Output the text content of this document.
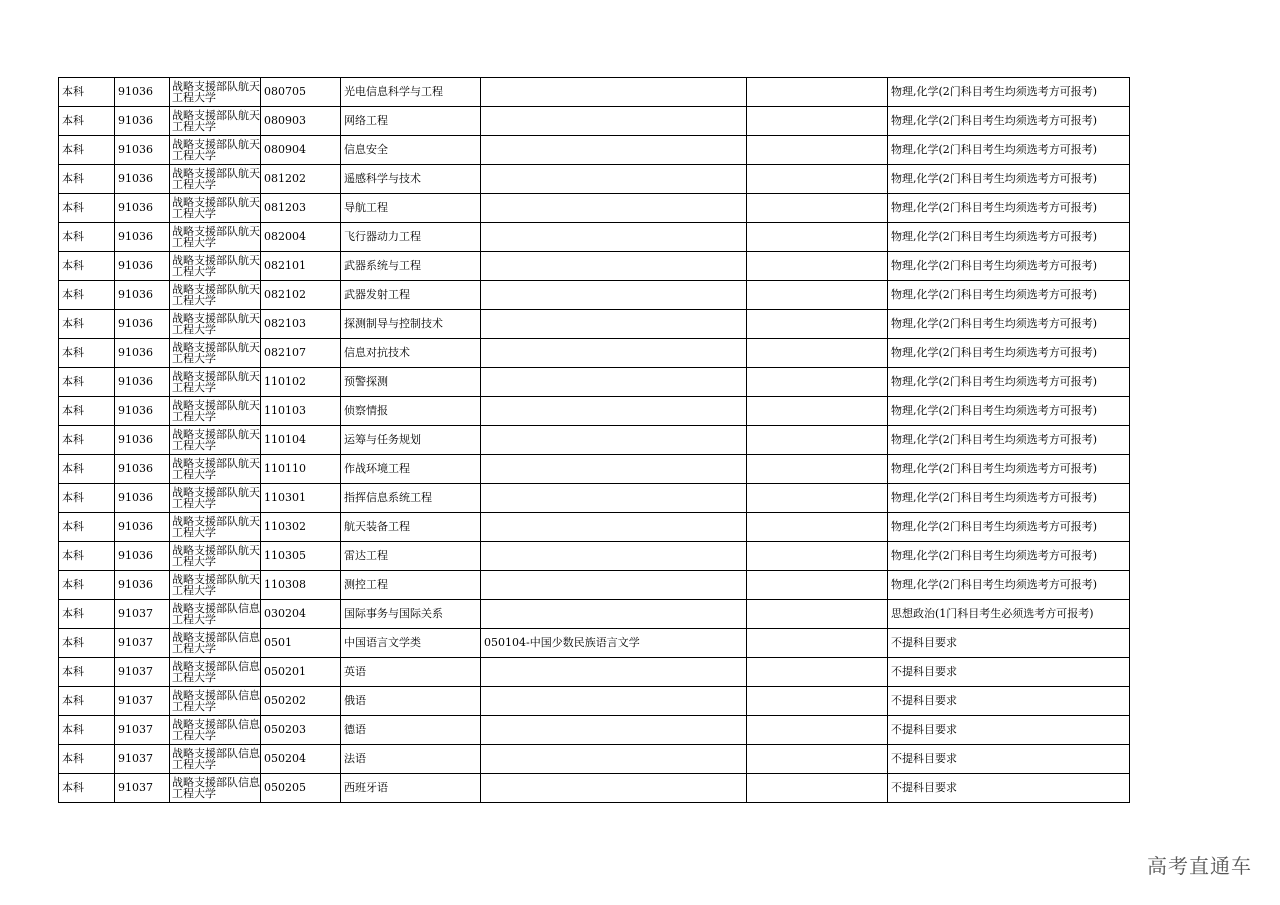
本科	91036	战略支援部队航天工程大学	080705	光电信息科学与工程			物理,化学(2门科目考生均须选考方可报考)
本科	91036	战略支援部队航天工程大学	080903	网络工程			物理,化学(2门科目考生均须选考方可报考)
本科	91036	战略支援部队航天工程大学	080904	信息安全			物理,化学(2门科目考生均须选考方可报考)
本科	91036	战略支援部队航天工程大学	081202	遥感科学与技术			物理,化学(2门科目考生均须选考方可报考)
本科	91036	战略支援部队航天工程大学	081203	导航工程			物理,化学(2门科目考生均须选考方可报考)
本科	91036	战略支援部队航天工程大学	082004	飞行器动力工程			物理,化学(2门科目考生均须选考方可报考)
本科	91036	战略支援部队航天工程大学	082101	武器系统与工程			物理,化学(2门科目考生均须选考方可报考)
本科	91036	战略支援部队航天工程大学	082102	武器发射工程			物理,化学(2门科目考生均须选考方可报考)
本科	91036	战略支援部队航天工程大学	082103	探测制导与控制技术			物理,化学(2门科目考生均须选考方可报考)
本科	91036	战略支援部队航天工程大学	082107	信息对抗技术			物理,化学(2门科目考生均须选考方可报考)
本科	91036	战略支援部队航天工程大学	110102	预警探测			物理,化学(2门科目考生均须选考方可报考)
本科	91036	战略支援部队航天工程大学	110103	侦察情报			物理,化学(2门科目考生均须选考方可报考)
本科	91036	战略支援部队航天工程大学	110104	运筹与任务规划			物理,化学(2门科目考生均须选考方可报考)
本科	91036	战略支援部队航天工程大学	110110	作战环境工程			物理,化学(2门科目考生均须选考方可报考)
本科	91036	战略支援部队航天工程大学	110301	指挥信息系统工程			物理,化学(2门科目考生均须选考方可报考)
本科	91036	战略支援部队航天工程大学	110302	航天装备工程			物理,化学(2门科目考生均须选考方可报考)
本科	91036	战略支援部队航天工程大学	110305	雷达工程			物理,化学(2门科目考生均须选考方可报考)
本科	91036	战略支援部队航天工程大学	110308	测控工程			物理,化学(2门科目考生均须选考方可报考)
本科	91037	战略支援部队信息工程大学	030204	国际事务与国际关系			思想政治(1门科目考生必须选考方可报考)
本科	91037	战略支援部队信息工程大学	0501	中国语言文学类	050104-中国少数民族语言文学		不提科目要求
本科	91037	战略支援部队信息工程大学	050201	英语			不提科目要求
本科	91037	战略支援部队信息工程大学	050202	俄语			不提科目要求
本科	91037	战略支援部队信息工程大学	050203	德语			不提科目要求
本科	91037	战略支援部队信息工程大学	050204	法语			不提科目要求
本科	91037	战略支援部队信息工程大学	050205	西班牙语			不提科目要求
高考直通车
